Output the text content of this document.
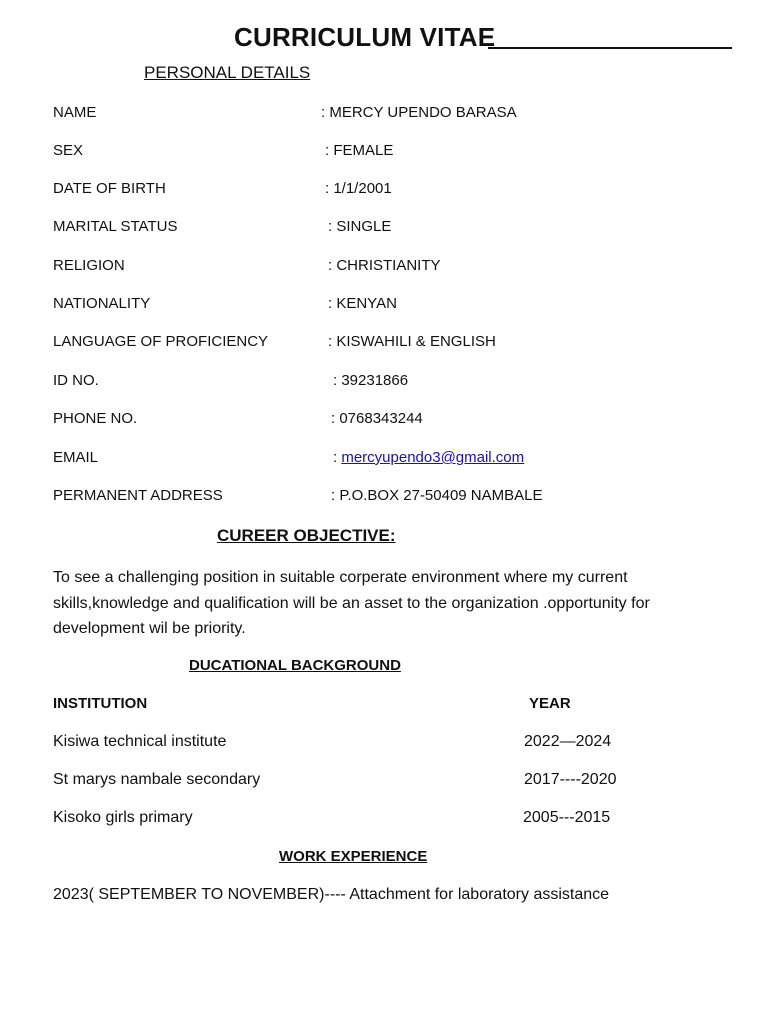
CURRICULUM VITAE
PERSONAL DETAILS
NAME	: MERCY UPENDO BARASA
SEX	: FEMALE
DATE OF BIRTH	: 1/1/2001
MARITAL STATUS	: SINGLE
RELIGION	: CHRISTIANITY
NATIONALITY	: KENYAN
LANGUAGE OF PROFICIENCY	: KISWAHILI & ENGLISH
ID NO.	: 39231866
PHONE NO.	: 0768343244
EMAIL	: mercyupendo3@gmail.com
PERMANENT ADDRESS	: P.O.BOX 27-50409 NAMBALE
CUREER OBJECTIVE:
To see a challenging position in suitable corperate environment where my current skills,knowledge and qualification will be an asset to the organization .opportunity for development wil be priority.
DUCATIONAL BACKGROUND
INSTITUTION	YEAR
Kisiwa technical institute	2022—2024
St marys nambale secondary	2017----2020
Kisoko girls primary	2005---2015
WORK EXPERIENCE
2023( SEPTEMBER TO NOVEMBER)---- Attachment for laboratory assistance
